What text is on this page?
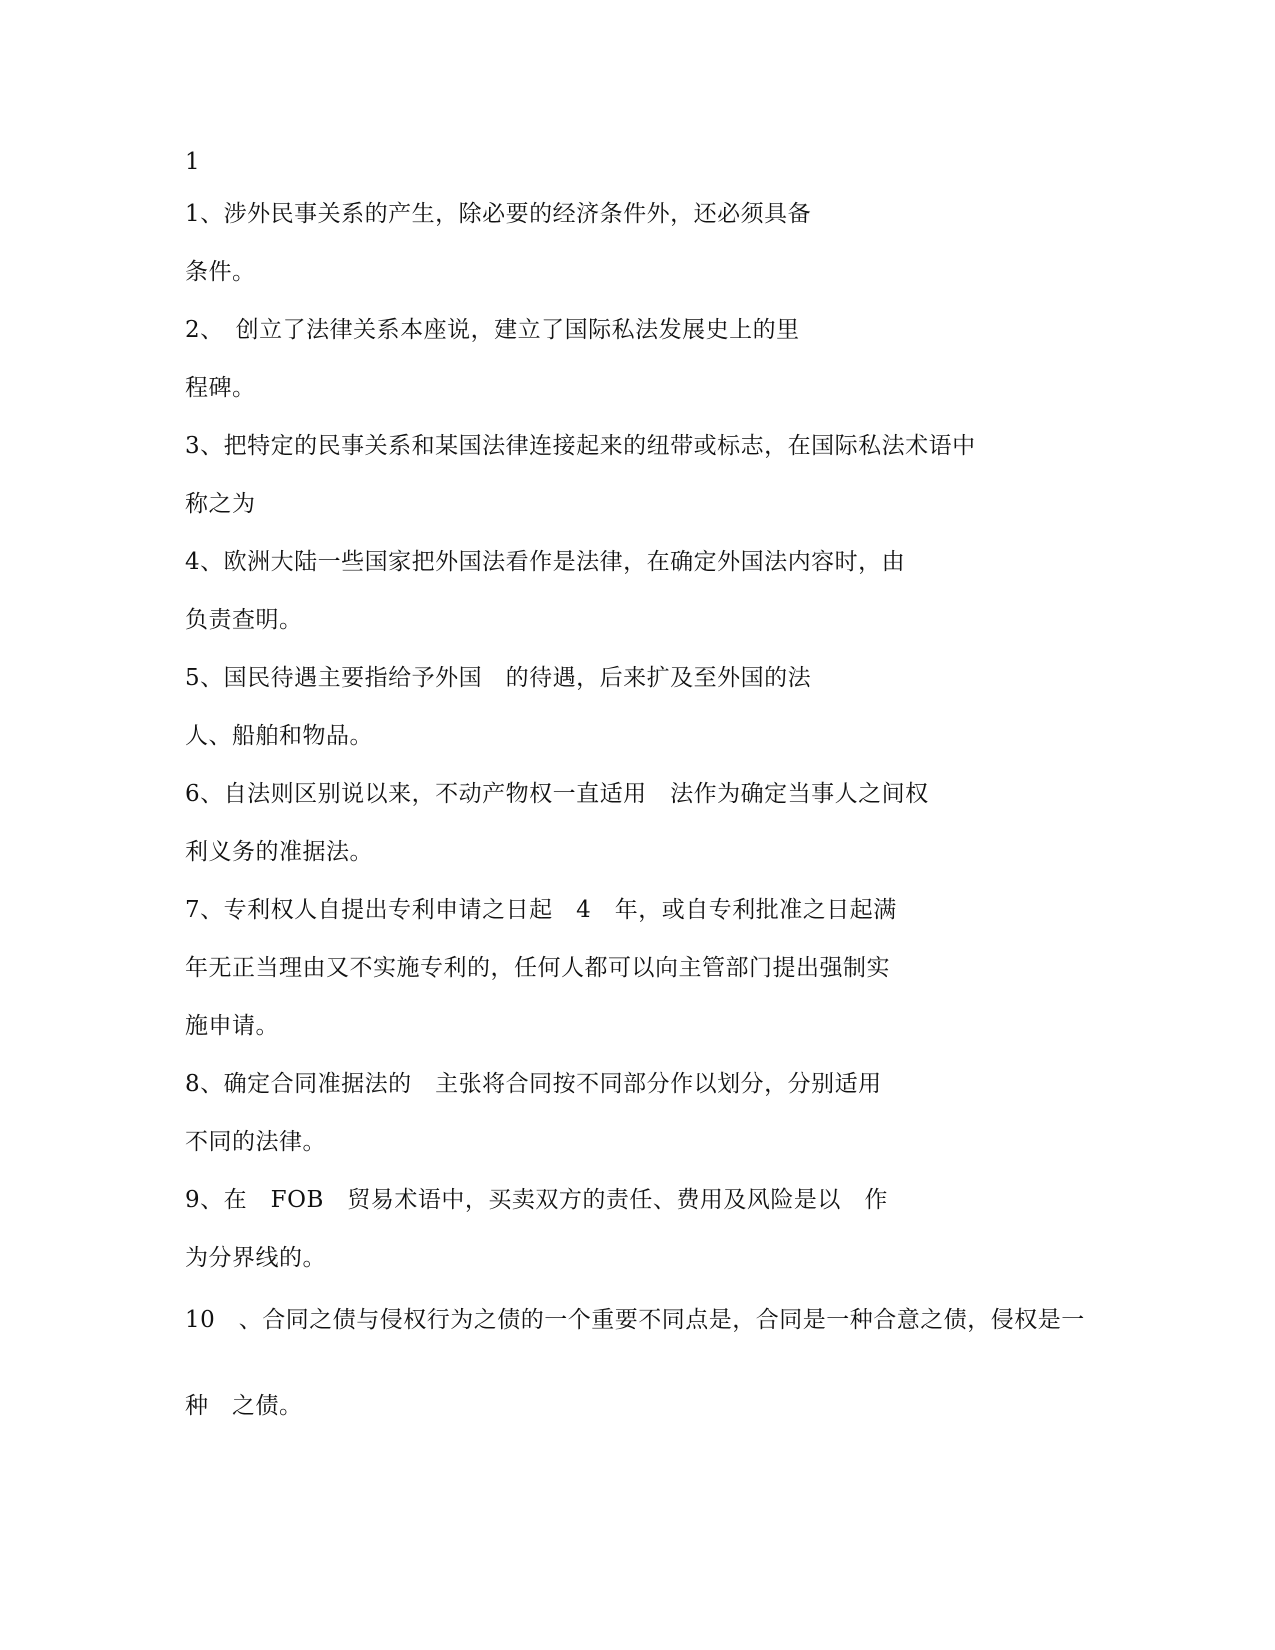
1
1、涉外民事关系的产生，除必要的经济条件外，还必须具备
条件。
2、　创立了法律关系本座说，建立了国际私法发展史上的里
程碑。
3、把特定的民事关系和某国法律连接起来的纽带或标志，在国际私法术语中
称之为
4、欧洲大陆一些国家把外国法看作是法律，在确定外国法内容时，由
负责查明。
5、国民待遇主要指给予外国　的待遇，后来扩及至外国的法
人、船舶和物品。
6、自法则区别说以来，不动产物权一直适用　法作为确定当事人之间权
利义务的准据法。
7、专利权人自提出专利申请之日起　4　年，或自专利批准之日起满
年无正当理由又不实施专利的，任何人都可以向主管部门提出强制实
施申请。
8、确定合同准据法的　主张将合同按不同部分作以划分，分别适用
不同的法律。
9、在　FOB　贸易术语中，买卖双方的责任、费用及风险是以　作
为分界线的。
10　、合同之债与侵权行为之债的一个重要不同点是，合同是一种合意之债，侵权是一
种　之债。
